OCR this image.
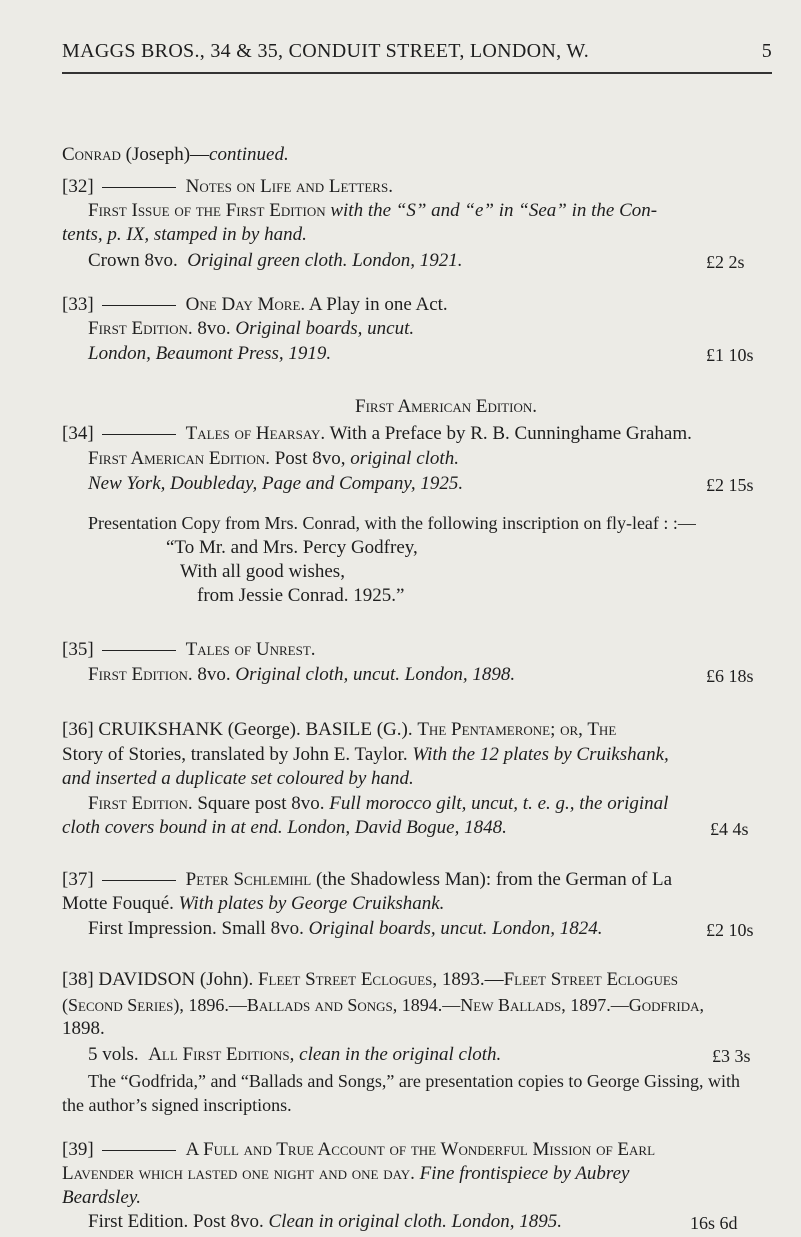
MAGGS BROS., 34 & 35, CONDUIT STREET, LONDON, W.	5
Conrad (Joseph)—continued.
[32]	Notes on Life and Letters.
First Issue of the First Edition with the “S” and “e” in “Sea” in the Con-
tents, p. IX, stamped in by hand.
Crown 8vo. Original green cloth. London, 1921.	£2 2s
[33]	One Day More. A Play in one Act.
First Edition. 8vo. Original boards, uncut.
London, Beaumont Press, 1919.	£1 10s
First American Edition.
[34]	Tales of Hearsay. With a Preface by R. B. Cunninghame Graham.
First American Edition. Post 8vo, original cloth.
New York, Doubleday, Page and Company, 1925.	£2 15s
Presentation Copy from Mrs. Conrad, with the following inscription on fly-leaf : :—
“To Mr. and Mrs. Percy Godfrey,
With all good wishes,
from Jessie Conrad. 1925.”
[35]	Tales of Unrest.
First Edition. 8vo. Original cloth, uncut. London, 1898.	£6 18s
[36] CRUIKSHANK (George). BASILE (G.). The Pentamerone; or, The
Story of Stories, translated by John E. Taylor. With the 12 plates by Cruikshank,
and inserted a duplicate set coloured by hand.
First Edition. Square post 8vo. Full morocco gilt, uncut, t. e. g., the original
cloth covers bound in at end. London, David Bogue, 1848.	£4 4s
[37]	Peter Schlemihl (the Shadowless Man): from the German of La
Motte Fouqué. With plates by George Cruikshank.
First Impression. Small 8vo. Original boards, uncut. London, 1824.	£2 10s
[38] DAVIDSON (John). Fleet Street Eclogues, 1893.—Fleet Street Eclogues
(Second Series), 1896.—Ballads and Songs, 1894.—New Ballads, 1897.—Godfrida,
1898.
5 vols. All First Editions, clean in the original cloth.	£3 3s
The “Godfrida,” and “Ballads and Songs,” are presentation copies to George Gissing, with
the author’s signed inscriptions.
[39]	A Full and True Account of the Wonderful Mission of Earl
Lavender which lasted one night and one day. Fine frontispiece by Aubrey
Beardsley.
First Edition. Post 8vo. Clean in original cloth. London, 1895.	16s 6d
